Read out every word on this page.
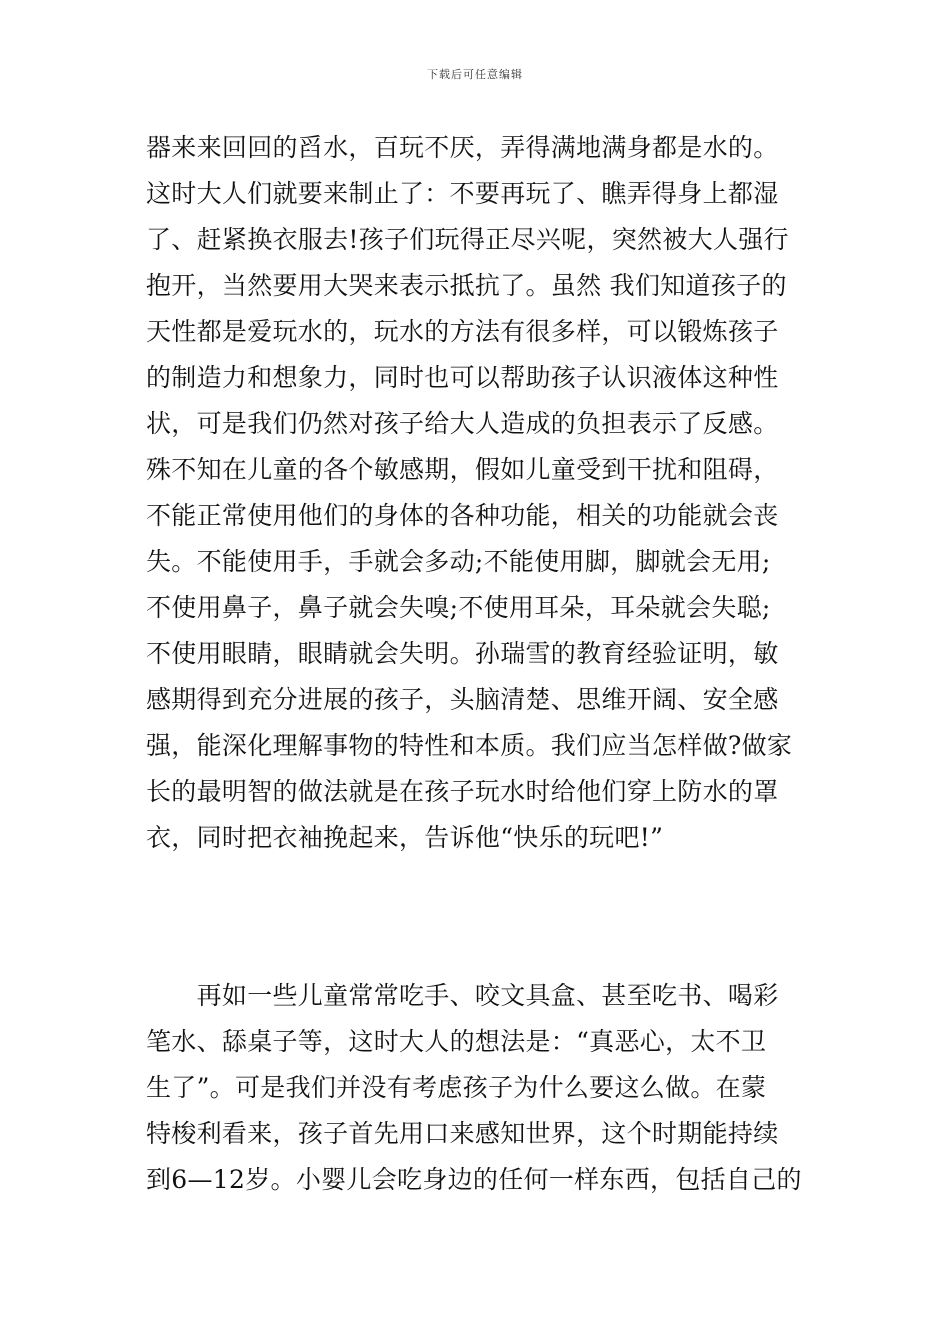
下载后可任意编辑
器来来回回的舀水，百玩不厌，弄得满地满身都是水的。
这时大人们就要来制止了：不要再玩了、瞧弄得身上都湿
了、赶紧换衣服去!孩子们玩得正尽兴呢，突然被大人强行
抱开，当然要用大哭来表示抵抗了。虽然 我们知道孩子的
天性都是爱玩水的，玩水的方法有很多样，可以锻炼孩子
的制造力和想象力，同时也可以帮助孩子认识液体这种性
状，可是我们仍然对孩子给大人造成的负担表示了反感。
殊不知在儿童的各个敏感期，假如儿童受到干扰和阻碍，
不能正常使用他们的身体的各种功能，相关的功能就会丧
失。不能使用手，手就会多动;不能使用脚，脚就会无用;
不使用鼻子，鼻子就会失嗅;不使用耳朵，耳朵就会失聪;
不使用眼睛，眼睛就会失明。孙瑞雪的教育经验证明，敏
感期得到充分进展的孩子，头脑清楚、思维开阔、安全感
强，能深化理解事物的特性和本质。我们应当怎样做?做家
长的最明智的做法就是在孩子玩水时给他们穿上防水的罩
衣，同时把衣袖挽起来，告诉他“快乐的玩吧!”
　　再如一些儿童常常吃手、咬文具盒、甚至吃书、喝彩
笔水、舔桌子等，这时大人的想法是：“真恶心，太不卫
生了”。可是我们并没有考虑孩子为什么要这么做。在蒙
特梭利看来，孩子首先用口来感知世界，这个时期能持续
到6—12岁。小婴儿会吃身边的任何一样东西，包括自己的
